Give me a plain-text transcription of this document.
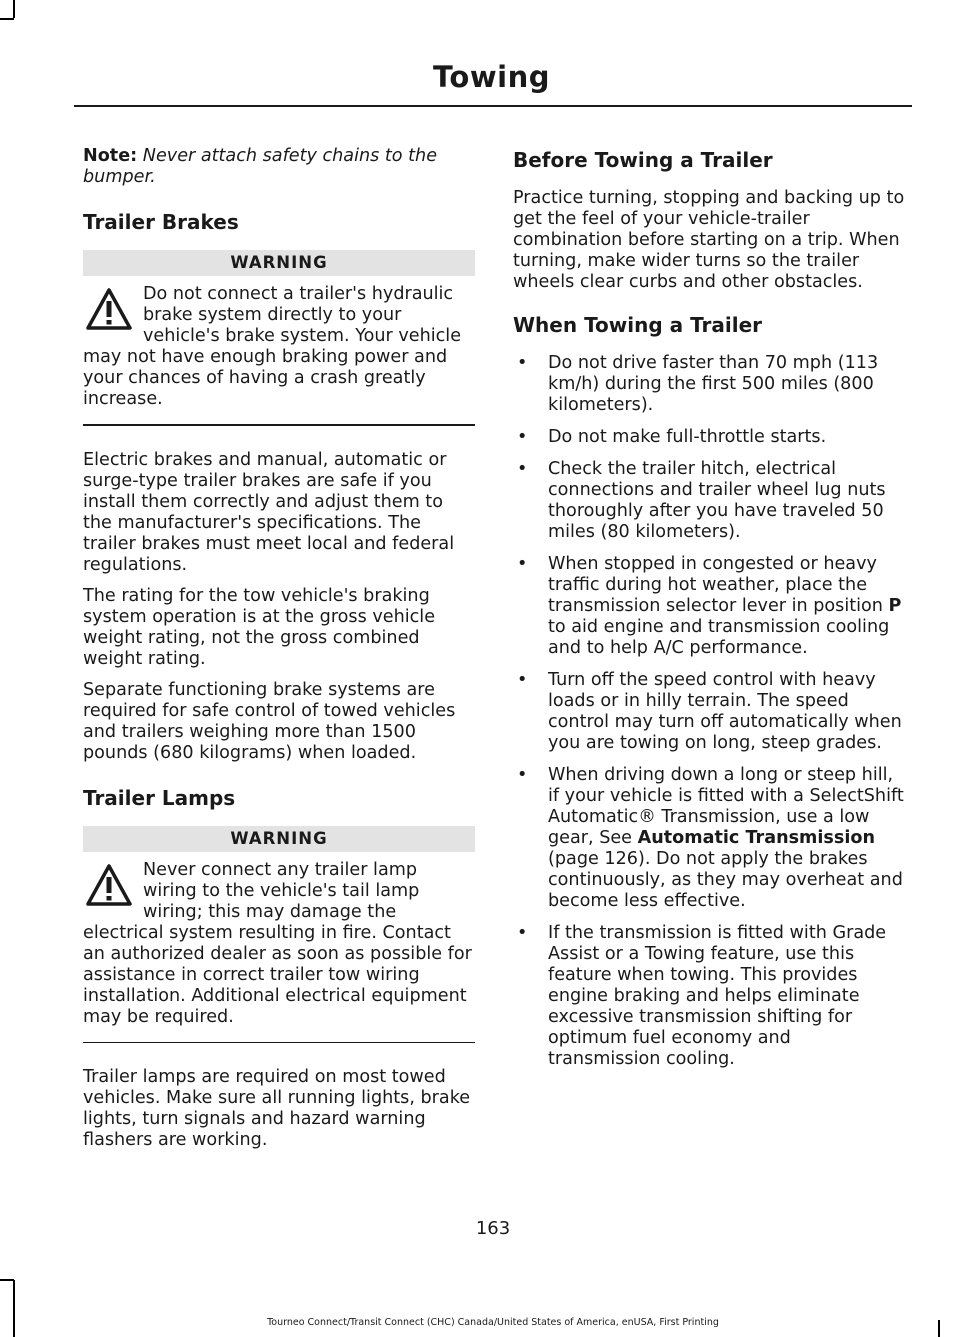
Towing

Note: Never attach safety chains to the bumper.

Trailer Brakes
WARNING
Do not connect a trailer's hydraulic brake system directly to your vehicle's brake system. Your vehicle may not have enough braking power and your chances of having a crash greatly increase.

Electric brakes and manual, automatic or surge-type trailer brakes are safe if you install them correctly and adjust them to the manufacturer's specifications. The trailer brakes must meet local and federal regulations.

The rating for the tow vehicle's braking system operation is at the gross vehicle weight rating, not the gross combined weight rating.

Separate functioning brake systems are required for safe control of towed vehicles and trailers weighing more than 1500 pounds (680 kilograms) when loaded.

Trailer Lamps
WARNING
Never connect any trailer lamp wiring to the vehicle's tail lamp wiring; this may damage the electrical system resulting in fire. Contact an authorized dealer as soon as possible for assistance in correct trailer tow wiring installation. Additional electrical equipment may be required.

Trailer lamps are required on most towed vehicles. Make sure all running lights, brake lights, turn signals and hazard warning flashers are working.

Before Towing a Trailer

Practice turning, stopping and backing up to get the feel of your vehicle-trailer combination before starting on a trip. When turning, make wider turns so the trailer wheels clear curbs and other obstacles.

When Towing a Trailer
• Do not drive faster than 70 mph (113 km/h) during the first 500 miles (800 kilometers).
• Do not make full-throttle starts.
• Check the trailer hitch, electrical connections and trailer wheel lug nuts thoroughly after you have traveled 50 miles (80 kilometers).
• When stopped in congested or heavy traffic during hot weather, place the transmission selector lever in position P to aid engine and transmission cooling and to help A/C performance.
• Turn off the speed control with heavy loads or in hilly terrain. The speed control may turn off automatically when you are towing on long, steep grades.
• When driving down a long or steep hill, if your vehicle is fitted with a SelectShift Automatic® Transmission, use a low gear, See Automatic Transmission (page 126). Do not apply the brakes continuously, as they may overheat and become less effective.
• If the transmission is fitted with Grade Assist or a Towing feature, use this feature when towing. This provides engine braking and helps eliminate excessive transmission shifting for optimum fuel economy and transmission cooling.
163
Tourneo Connect/Transit Connect (CHC) Canada/United States of America, enUSA, First Printing
